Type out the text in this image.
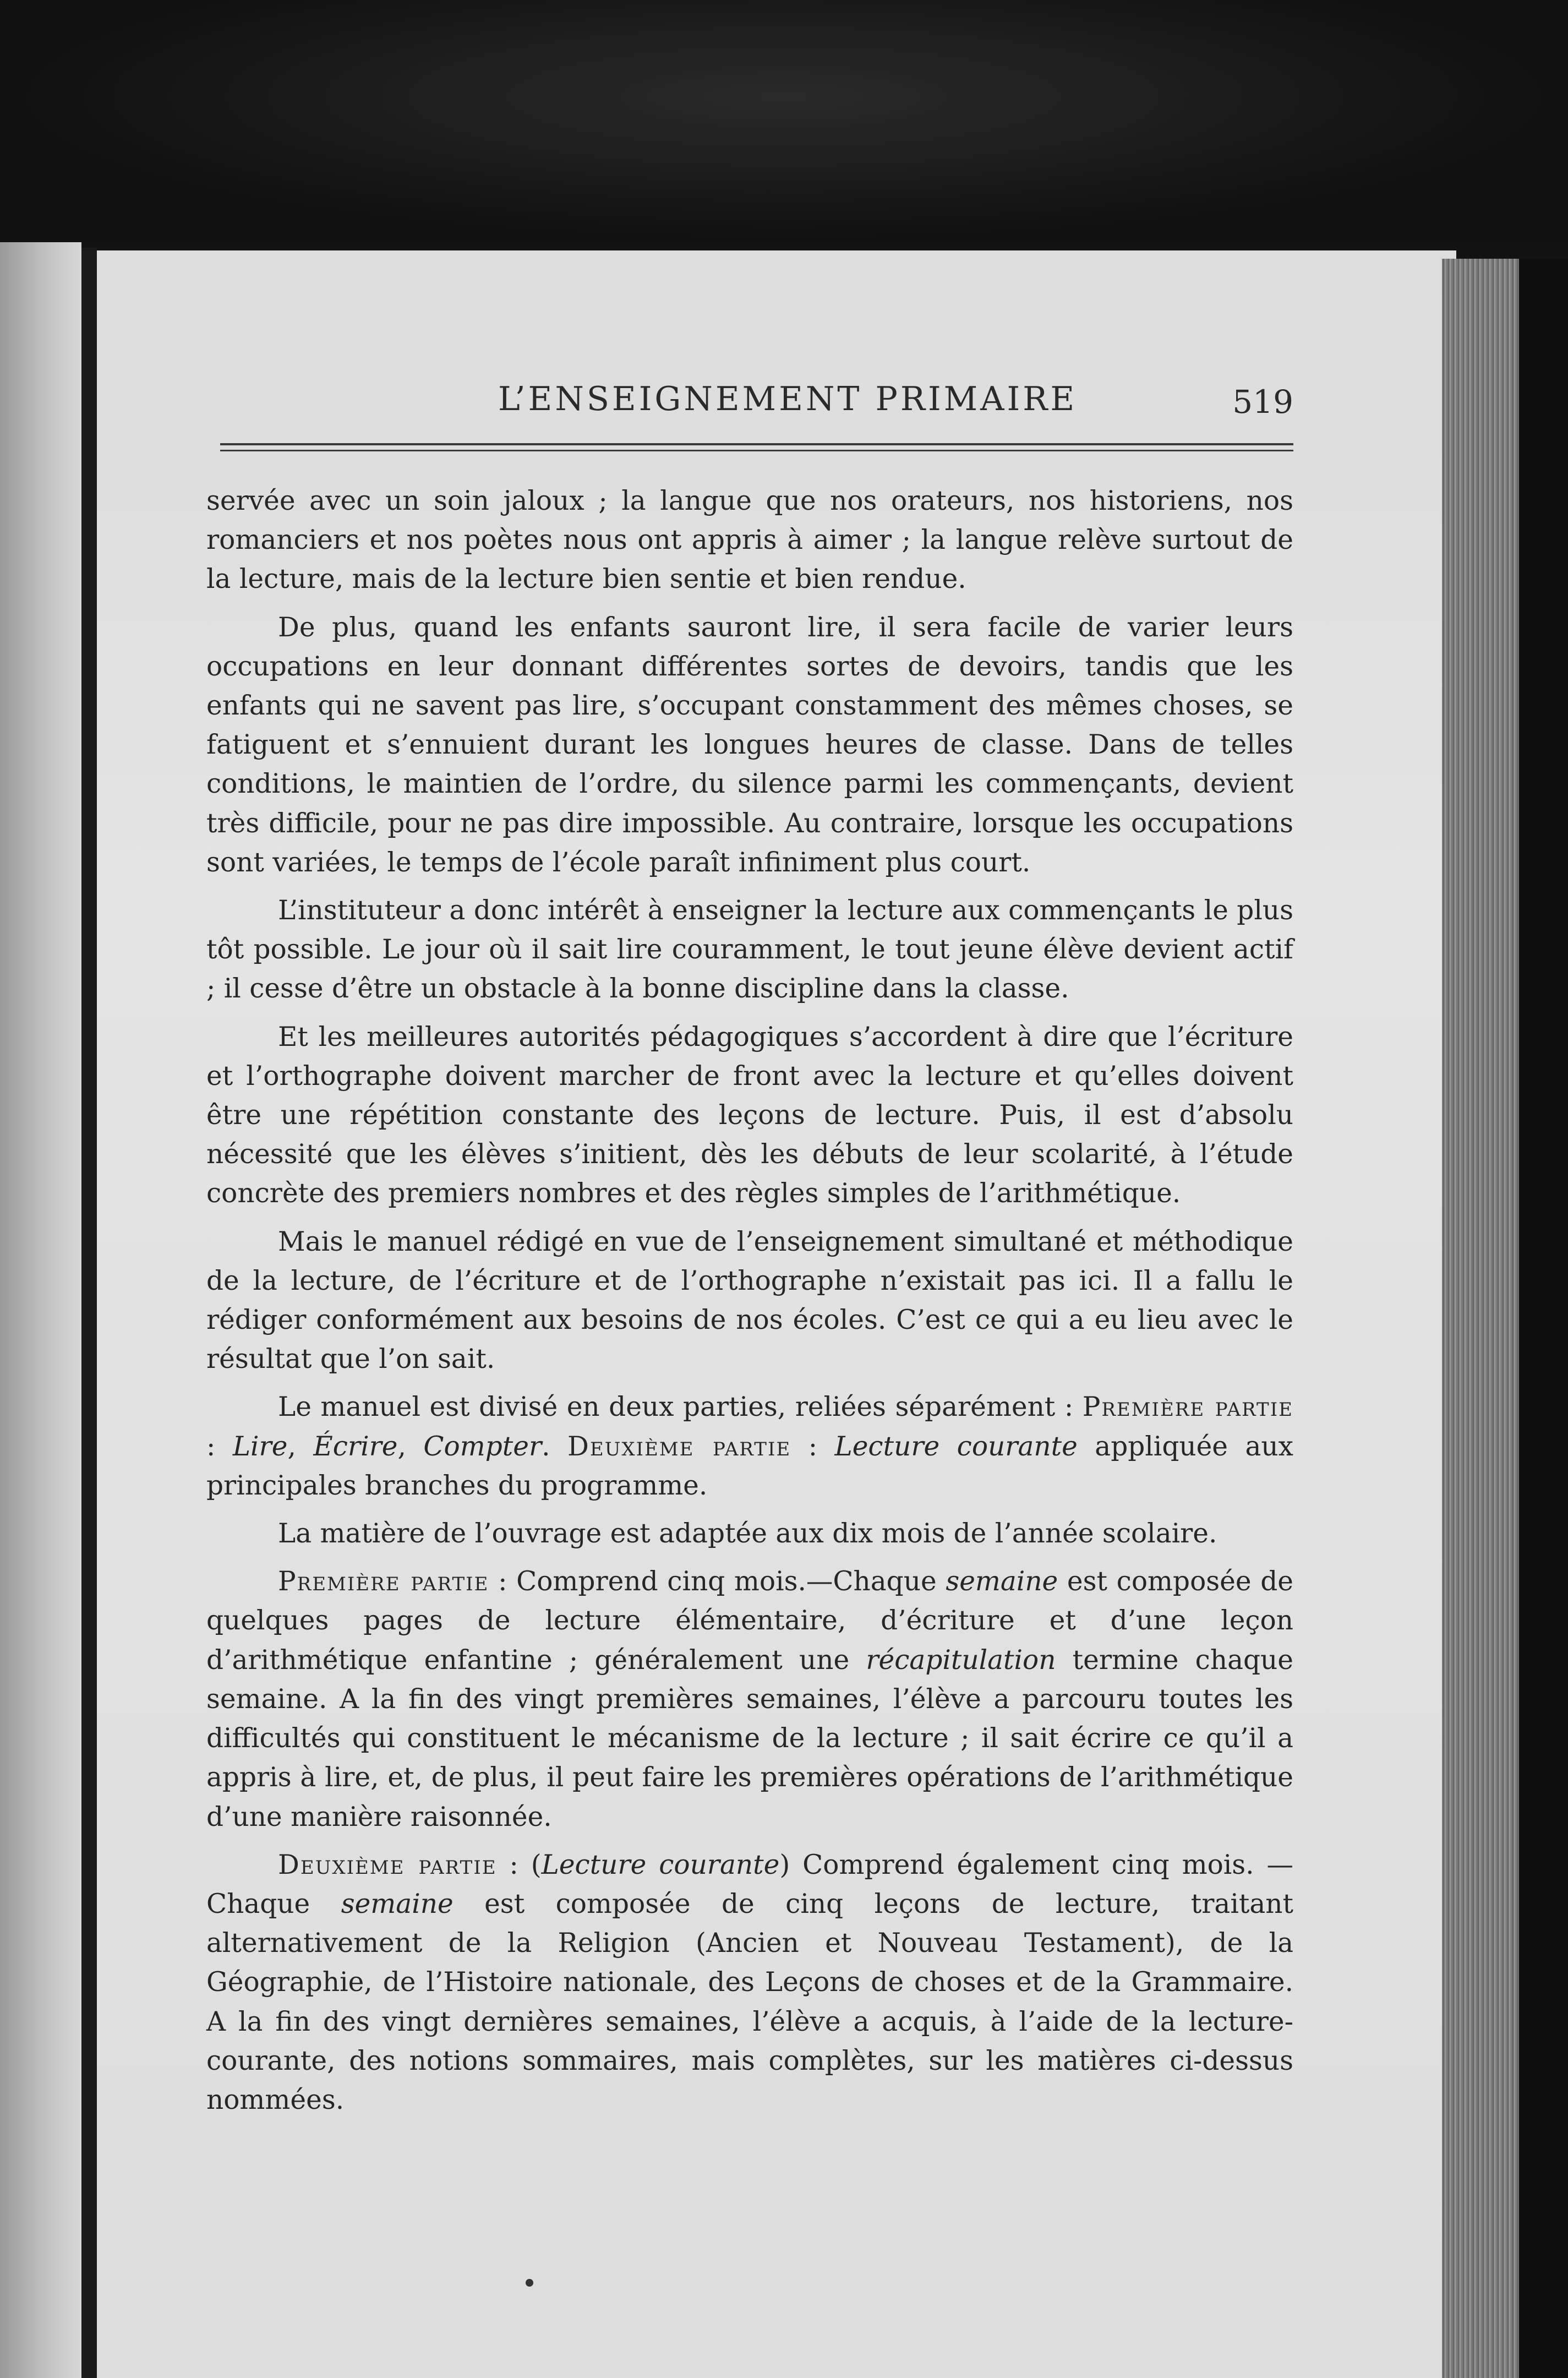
L’ENSEIGNEMENT PRIMAIRE	519

servée avec un soin jaloux ; la langue que nos orateurs, nos historiens, nos romanciers et nos poètes nous ont appris à aimer ; la langue relève surtout de la lecture, mais de la lecture bien sentie et bien rendue.

De plus, quand les enfants sauront lire, il sera facile de varier leurs occupations en leur donnant différentes sortes de devoirs, tandis que les enfants qui ne savent pas lire, s’occupant constamment des mêmes choses, se fatiguent et s’ennuient durant les longues heures de classe. Dans de telles conditions, le maintien de l’ordre, du silence parmi les commençants, devient très difficile, pour ne pas dire impossible. Au contraire, lorsque les occupations sont variées, le temps de l’école paraît infiniment plus court.

L’instituteur a donc intérêt à enseigner la lecture aux commençants le plus tôt possible. Le jour où il sait lire couramment, le tout jeune élève devient actif ; il cesse d’être un obstacle à la bonne discipline dans la classe.

Et les meilleures autorités pédagogiques s’accordent à dire que l’écriture et l’orthographe doivent marcher de front avec la lecture et qu’elles doivent être une répétition constante des leçons de lecture. Puis, il est d’absolu nécessité que les élèves s’initient, dès les débuts de leur scolarité, à l’étude concrète des premiers nombres et des règles simples de l’arithmétique.

Mais le manuel rédigé en vue de l’enseignement simultané et méthodique de la lecture, de l’écriture et de l’orthographe n’existait pas ici. Il a fallu le rédiger conformément aux besoins de nos écoles. C’est ce qui a eu lieu avec le résultat que l’on sait.

Le manuel est divisé en deux parties, reliées séparément : Première partie : Lire, Écrire, Compter. Deuxième partie : Lecture courante appliquée aux principales branches du programme.

La matière de l’ouvrage est adaptée aux dix mois de l’année scolaire.

Première partie : Comprend cinq mois.—Chaque semaine est composée de quelques pages de lecture élémentaire, d’écriture et d’une leçon d’arithmétique enfantine ; généralement une récapitulation termine chaque semaine. A la fin des vingt premières semaines, l’élève a parcouru toutes les difficultés qui constituent le mécanisme de la lecture ; il sait écrire ce qu’il a appris à lire, et, de plus, il peut faire les premières opérations de l’arithmétique d’une manière raisonnée.

Deuxième partie : (Lecture courante) Comprend également cinq mois. —Chaque semaine est composée de cinq leçons de lecture, traitant alternativement de la Religion (Ancien et Nouveau Testament), de la Géographie, de l’Histoire nationale, des Leçons de choses et de la Grammaire. A la fin des vingt dernières semaines, l’élève a acquis, à l’aide de la lecture-courante, des notions sommaires, mais complètes, sur les matières ci-dessus nommées.
